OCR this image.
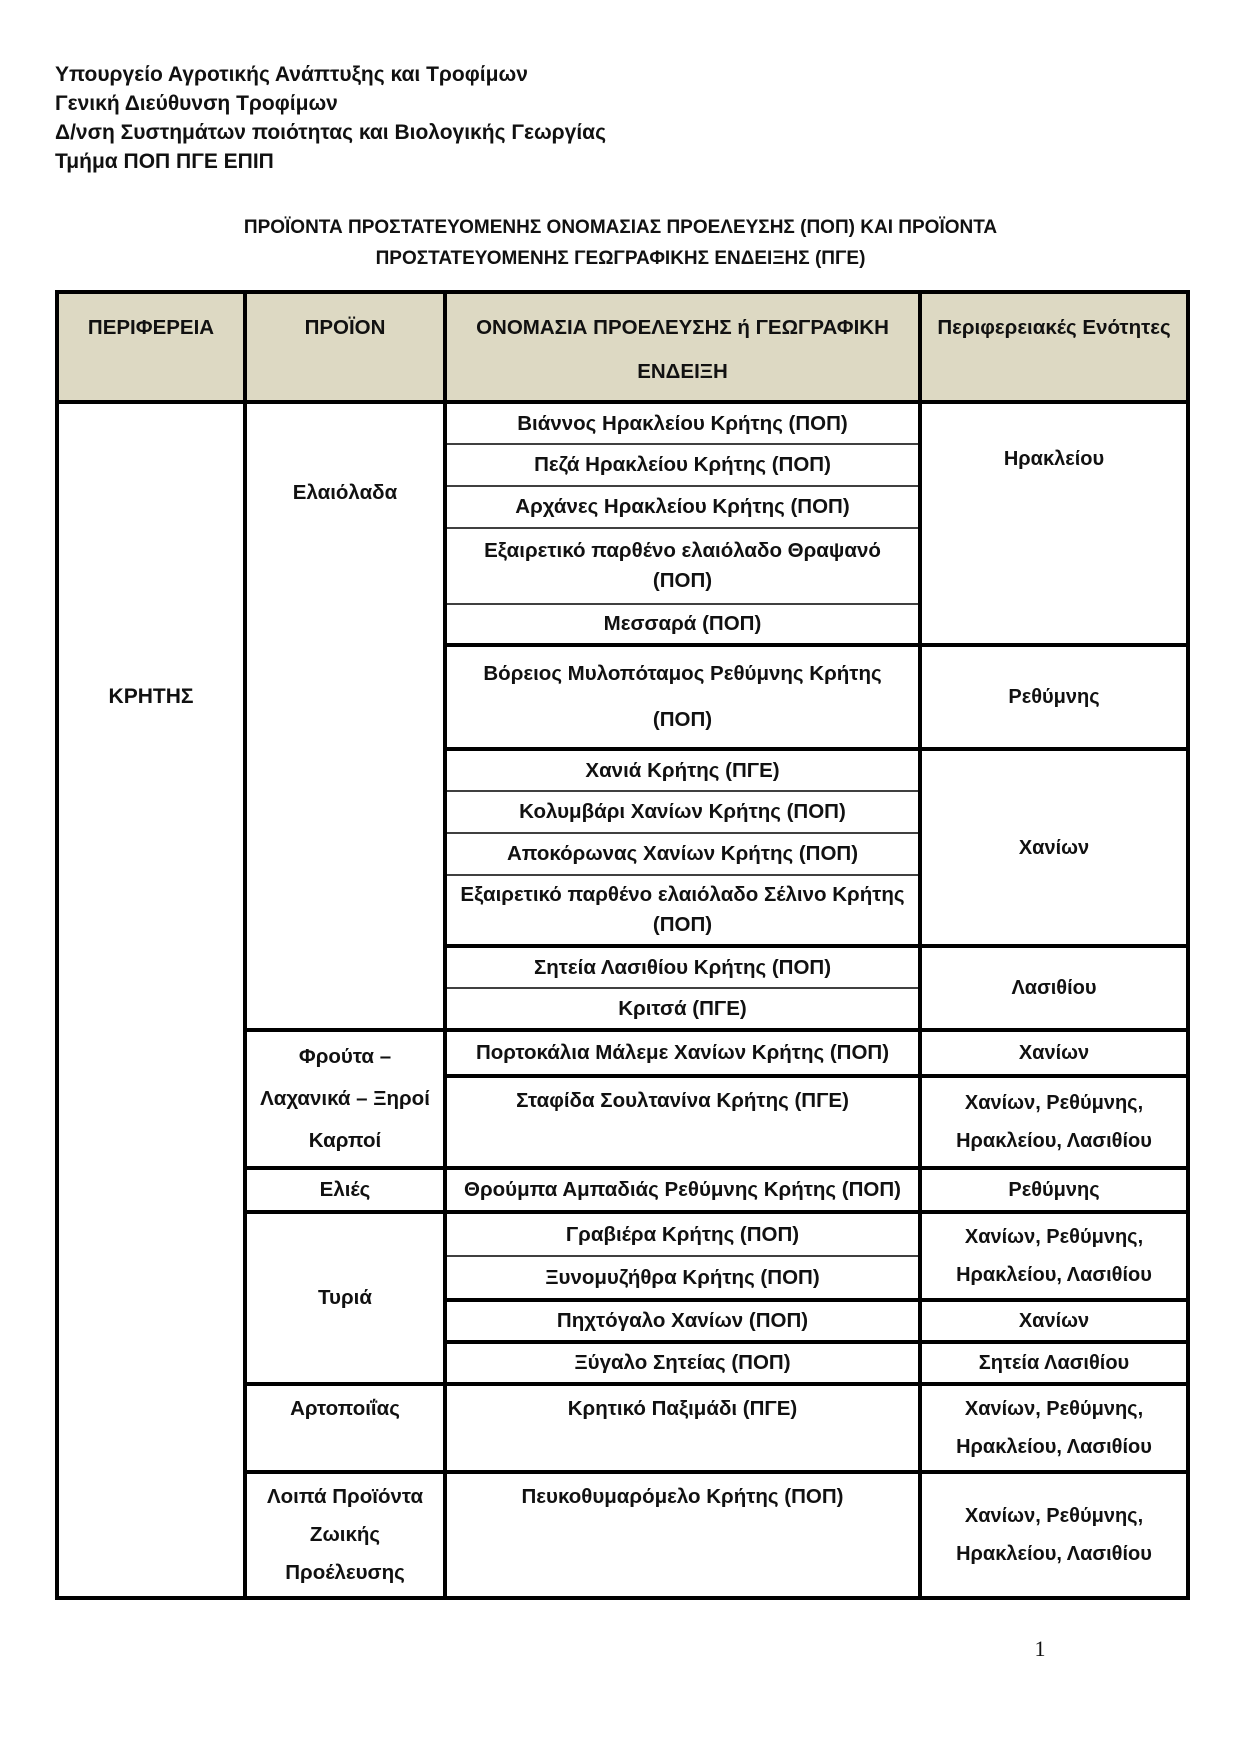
Υπουργείο Αγροτικής Ανάπτυξης και Τροφίμων
Γενική Διεύθυνση Τροφίμων
Δ/νση Συστημάτων ποιότητας και Βιολογικής Γεωργίας
Τμήμα ΠΟΠ ΠΓΕ ΕΠΙΠ
ΠΡΟΪΟΝΤΑ ΠΡΟΣΤΑΤΕΥΟΜΕΝΗΣ ΟΝΟΜΑΣΙΑΣ ΠΡΟΕΛΕΥΣΗΣ (ΠΟΠ) ΚΑΙ ΠΡΟΪΟΝΤΑ
ΠΡΟΣΤΑΤΕΥΟΜΕΝΗΣ ΓΕΩΓΡΑΦΙΚΗΣ ΕΝΔΕΙΞΗΣ (ΠΓΕ)
ΠΕΡΙΦΕΡΕΙΑ	ΠΡΟΪΟΝ	ΟΝΟΜΑΣΙΑ ΠΡΟΕΛΕΥΣΗΣ ή ΓΕΩΓΡΑΦΙΚΗ ΕΝΔΕΙΞΗ	Περιφερειακές Ενότητες
ΚΡΗΤΗΣ	Ελαιόλαδα	Βιάννος Ηρακλείου Κρήτης (ΠΟΠ)	Ηρακλείου
		Πεζά Ηρακλείου Κρήτης (ΠΟΠ)	
		Αρχάνες Ηρακλείου Κρήτης (ΠΟΠ)	
		Εξαιρετικό παρθένο ελαιόλαδο Θραψανό (ΠΟΠ)	
		Μεσσαρά (ΠΟΠ)	
		Βόρειος Μυλοπόταμος Ρεθύμνης Κρήτης (ΠΟΠ)	Ρεθύμνης
		Χανιά Κρήτης (ΠΓΕ)	Χανίων
		Κολυμβάρι Χανίων Κρήτης (ΠΟΠ)	
		Αποκόρωνας Χανίων Κρήτης (ΠΟΠ)	
		Εξαιρετικό παρθένο ελαιόλαδο Σέλινο Κρήτης (ΠΟΠ)	
		Σητεία Λασιθίου Κρήτης (ΠΟΠ)	Λασιθίου
		Κριτσά (ΠΓΕ)	
	Φρούτα – Λαχανικά – Ξηροί Καρποί	Πορτοκάλια Μάλεμε Χανίων Κρήτης (ΠΟΠ)	Χανίων
		Σταφίδα Σουλτανίνα Κρήτης (ΠΓΕ)	Χανίων, Ρεθύμνης, Ηρακλείου, Λασιθίου
	Ελιές	Θρούμπα Αμπαδιάς Ρεθύμνης Κρήτης (ΠΟΠ)	Ρεθύμνης
	Τυριά	Γραβιέρα Κρήτης (ΠΟΠ)	Χανίων, Ρεθύμνης, Ηρακλείου, Λασιθίου
		Ξυνομυζήθρα Κρήτης (ΠΟΠ)	
		Πηχτόγαλο Χανίων (ΠΟΠ)	Χανίων
		Ξύγαλο Σητείας (ΠΟΠ)	Σητεία Λασιθίου
	Αρτοποιΐας	Κρητικό Παξιμάδι (ΠΓΕ)	Χανίων, Ρεθύμνης, Ηρακλείου, Λασιθίου
	Λοιπά Προϊόντα Ζωικής Προέλευσης	Πευκοθυμαρόμελο Κρήτης (ΠΟΠ)	Χανίων, Ρεθύμνης, Ηρακλείου, Λασιθίου
1
